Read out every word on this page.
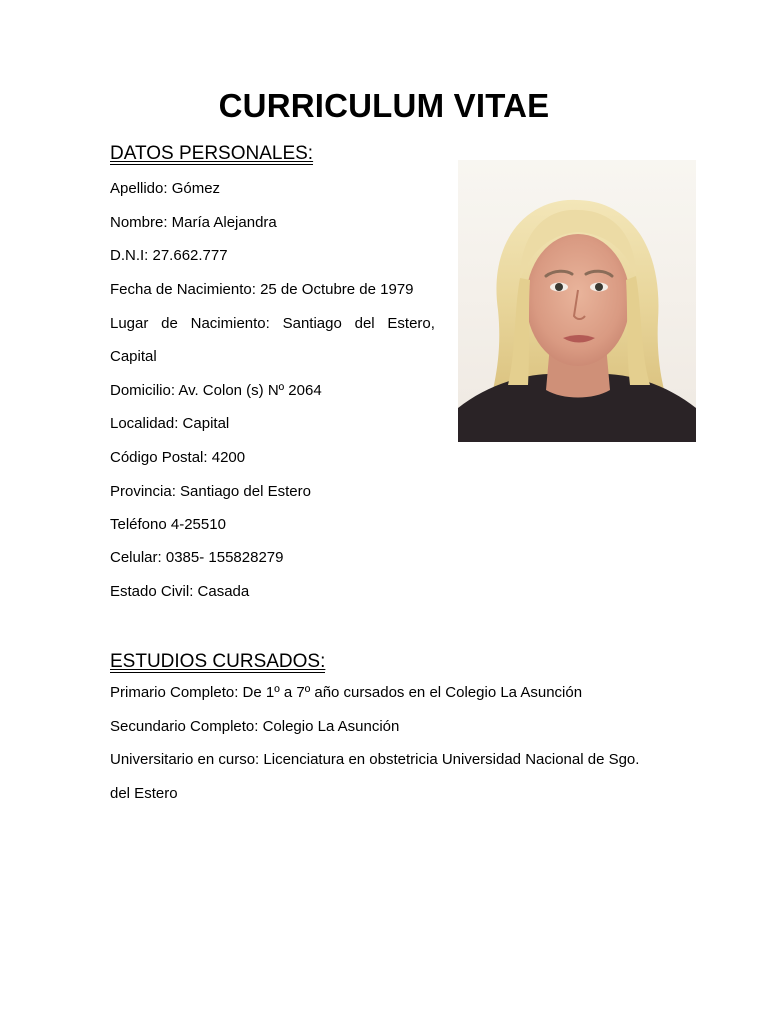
CURRICULUM VITAE
DATOS PERSONALES:
Apellido: Gómez
Nombre: María Alejandra
D.N.I: 27.662.777
Fecha de Nacimiento: 25 de Octubre de 1979
Lugar de Nacimiento: Santiago del Estero,
Capital
Domicilio: Av. Colon (s) Nº 2064
Localidad: Capital
Código Postal: 4200
Provincia: Santiago del Estero
Teléfono 4-25510
Celular: 0385- 155828279
Estado Civil: Casada
ESTUDIOS CURSADOS:
Primario Completo: De 1º a 7º año cursados en el Colegio La Asunción
Secundario Completo: Colegio La Asunción
Universitario en curso: Licenciatura en obstetricia Universidad Nacional de Sgo.
del Estero
